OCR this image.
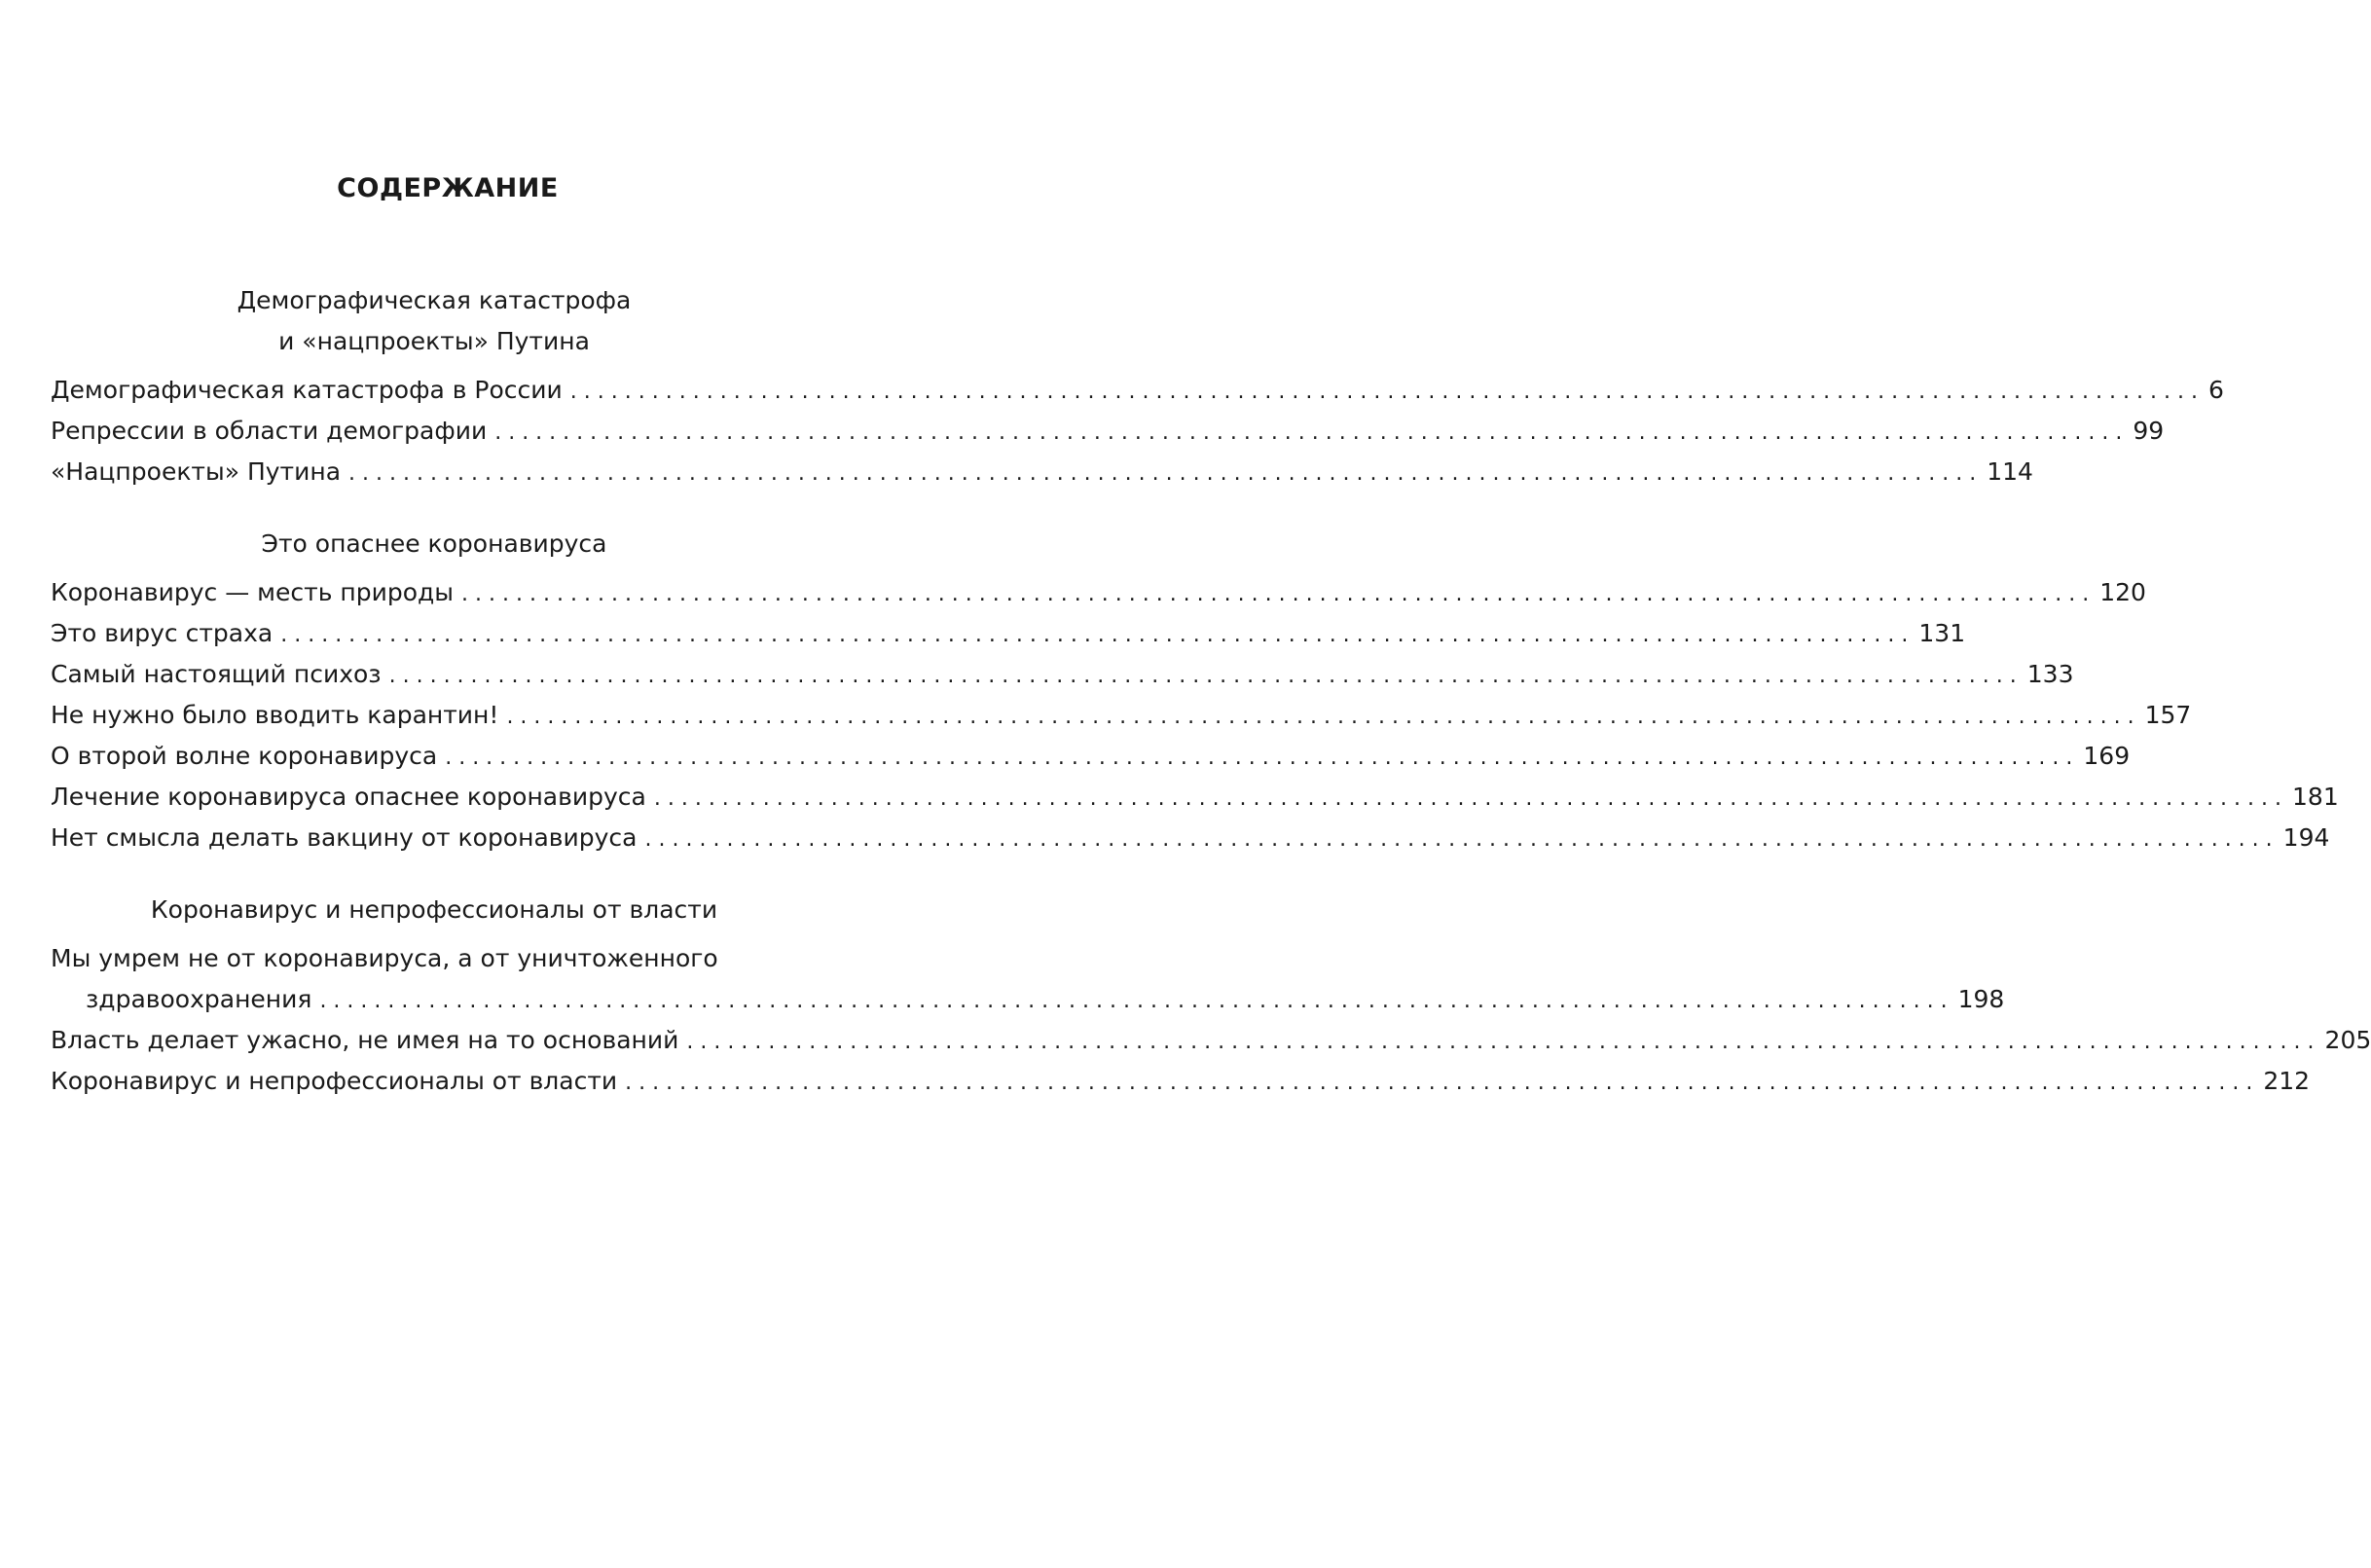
СОДЕРЖАНИЕ
Демографическая катастрофа
и «нацпроекты» Путина
Демографическая катастрофа в России ........................................................................................................................ 6
Репрессии в области демографии ........................................................................................................................ 99
«Нацпроекты» Путина ........................................................................................................................ 114
Это опаснее коронавируса
Коронавирус — месть природы ........................................................................................................................ 120
Это вирус страха ........................................................................................................................ 131
Самый настоящий психоз ........................................................................................................................ 133
Не нужно было вводить карантин! ........................................................................................................................ 157
О второй волне коронавируса ........................................................................................................................ 169
Лечение коронавируса опаснее коронавируса ........................................................................................................................ 181
Нет смысла делать вакцину от коронавируса ........................................................................................................................ 194
Коронавирус и непрофессионалы от власти
Мы умрем не от коронавируса, а от уничтоженного
здравоохранения ........................................................................................................................ 198
Власть делает ужасно, не имея на то оснований ........................................................................................................................ 205
Коронавирус и непрофессионалы от власти ........................................................................................................................ 212
